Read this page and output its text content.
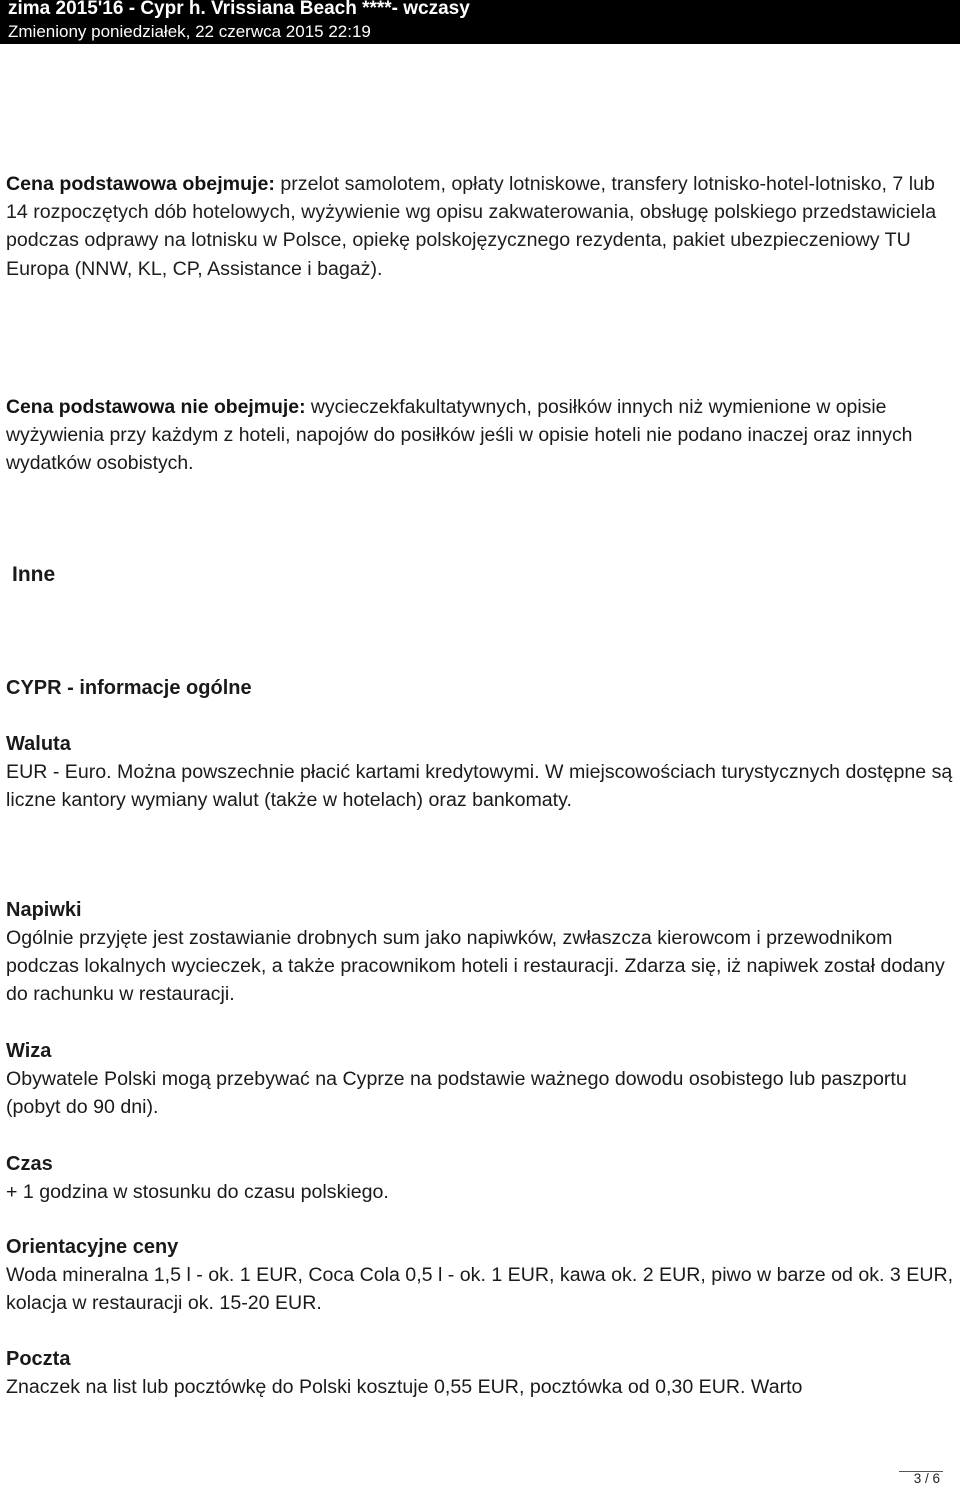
zima 2015'16 - Cypr h. Vrissiana Beach ****- wczasy
Zmieniony poniedziałek, 22 czerwca 2015 22:19
Cena podstawowa obejmuje: przelot samolotem, opłaty lotniskowe, transfery lotnisko-hotel-lotnisko, 7 lub 14 rozpoczętych dób hotelowych, wyżywienie wg opisu zakwaterowania, obsługę polskiego przedstawiciela podczas odprawy na lotnisku w Polsce, opiekę polskojęzycznego rezydenta, pakiet ubezpieczeniowy TU Europa (NNW, KL, CP, Assistance i bagaż).
Cena podstawowa nie obejmuje: wycieczekfakultatywnych, posiłków innych niż wymienione w opisie wyżywienia przy każdym z hoteli, napojów do posiłków jeśli w opisie hoteli nie podano inaczej oraz innych wydatków osobistych.
Inne
CYPR - informacje ogólne
Waluta
EUR - Euro. Można powszechnie płacić kartami kredytowymi. W miejscowościach turystycznych dostępne są liczne kantory wymiany walut (także w hotelach) oraz bankomaty.
Napiwki
Ogólnie przyjęte jest zostawianie drobnych sum jako napiwków, zwłaszcza kierowcom i przewodnikom podczas lokalnych wycieczek, a także pracownikom hoteli i restauracji. Zdarza się, iż napiwek został dodany do rachunku w restauracji.
Wiza
Obywatele Polski mogą przebywać na Cyprze na podstawie ważnego dowodu osobistego lub paszportu (pobyt do 90 dni).
Czas
+ 1 godzina w stosunku do czasu polskiego.
Orientacyjne ceny
Woda mineralna 1,5 l - ok. 1 EUR, Coca Cola 0,5 l - ok. 1 EUR, kawa ok. 2 EUR, piwo w barze od ok. 3 EUR, kolacja w restauracji ok. 15-20 EUR.
Poczta
Znaczek na list lub pocztówkę do Polski kosztuje 0,55 EUR, pocztówka od 0,30 EUR. Warto
3 / 6
